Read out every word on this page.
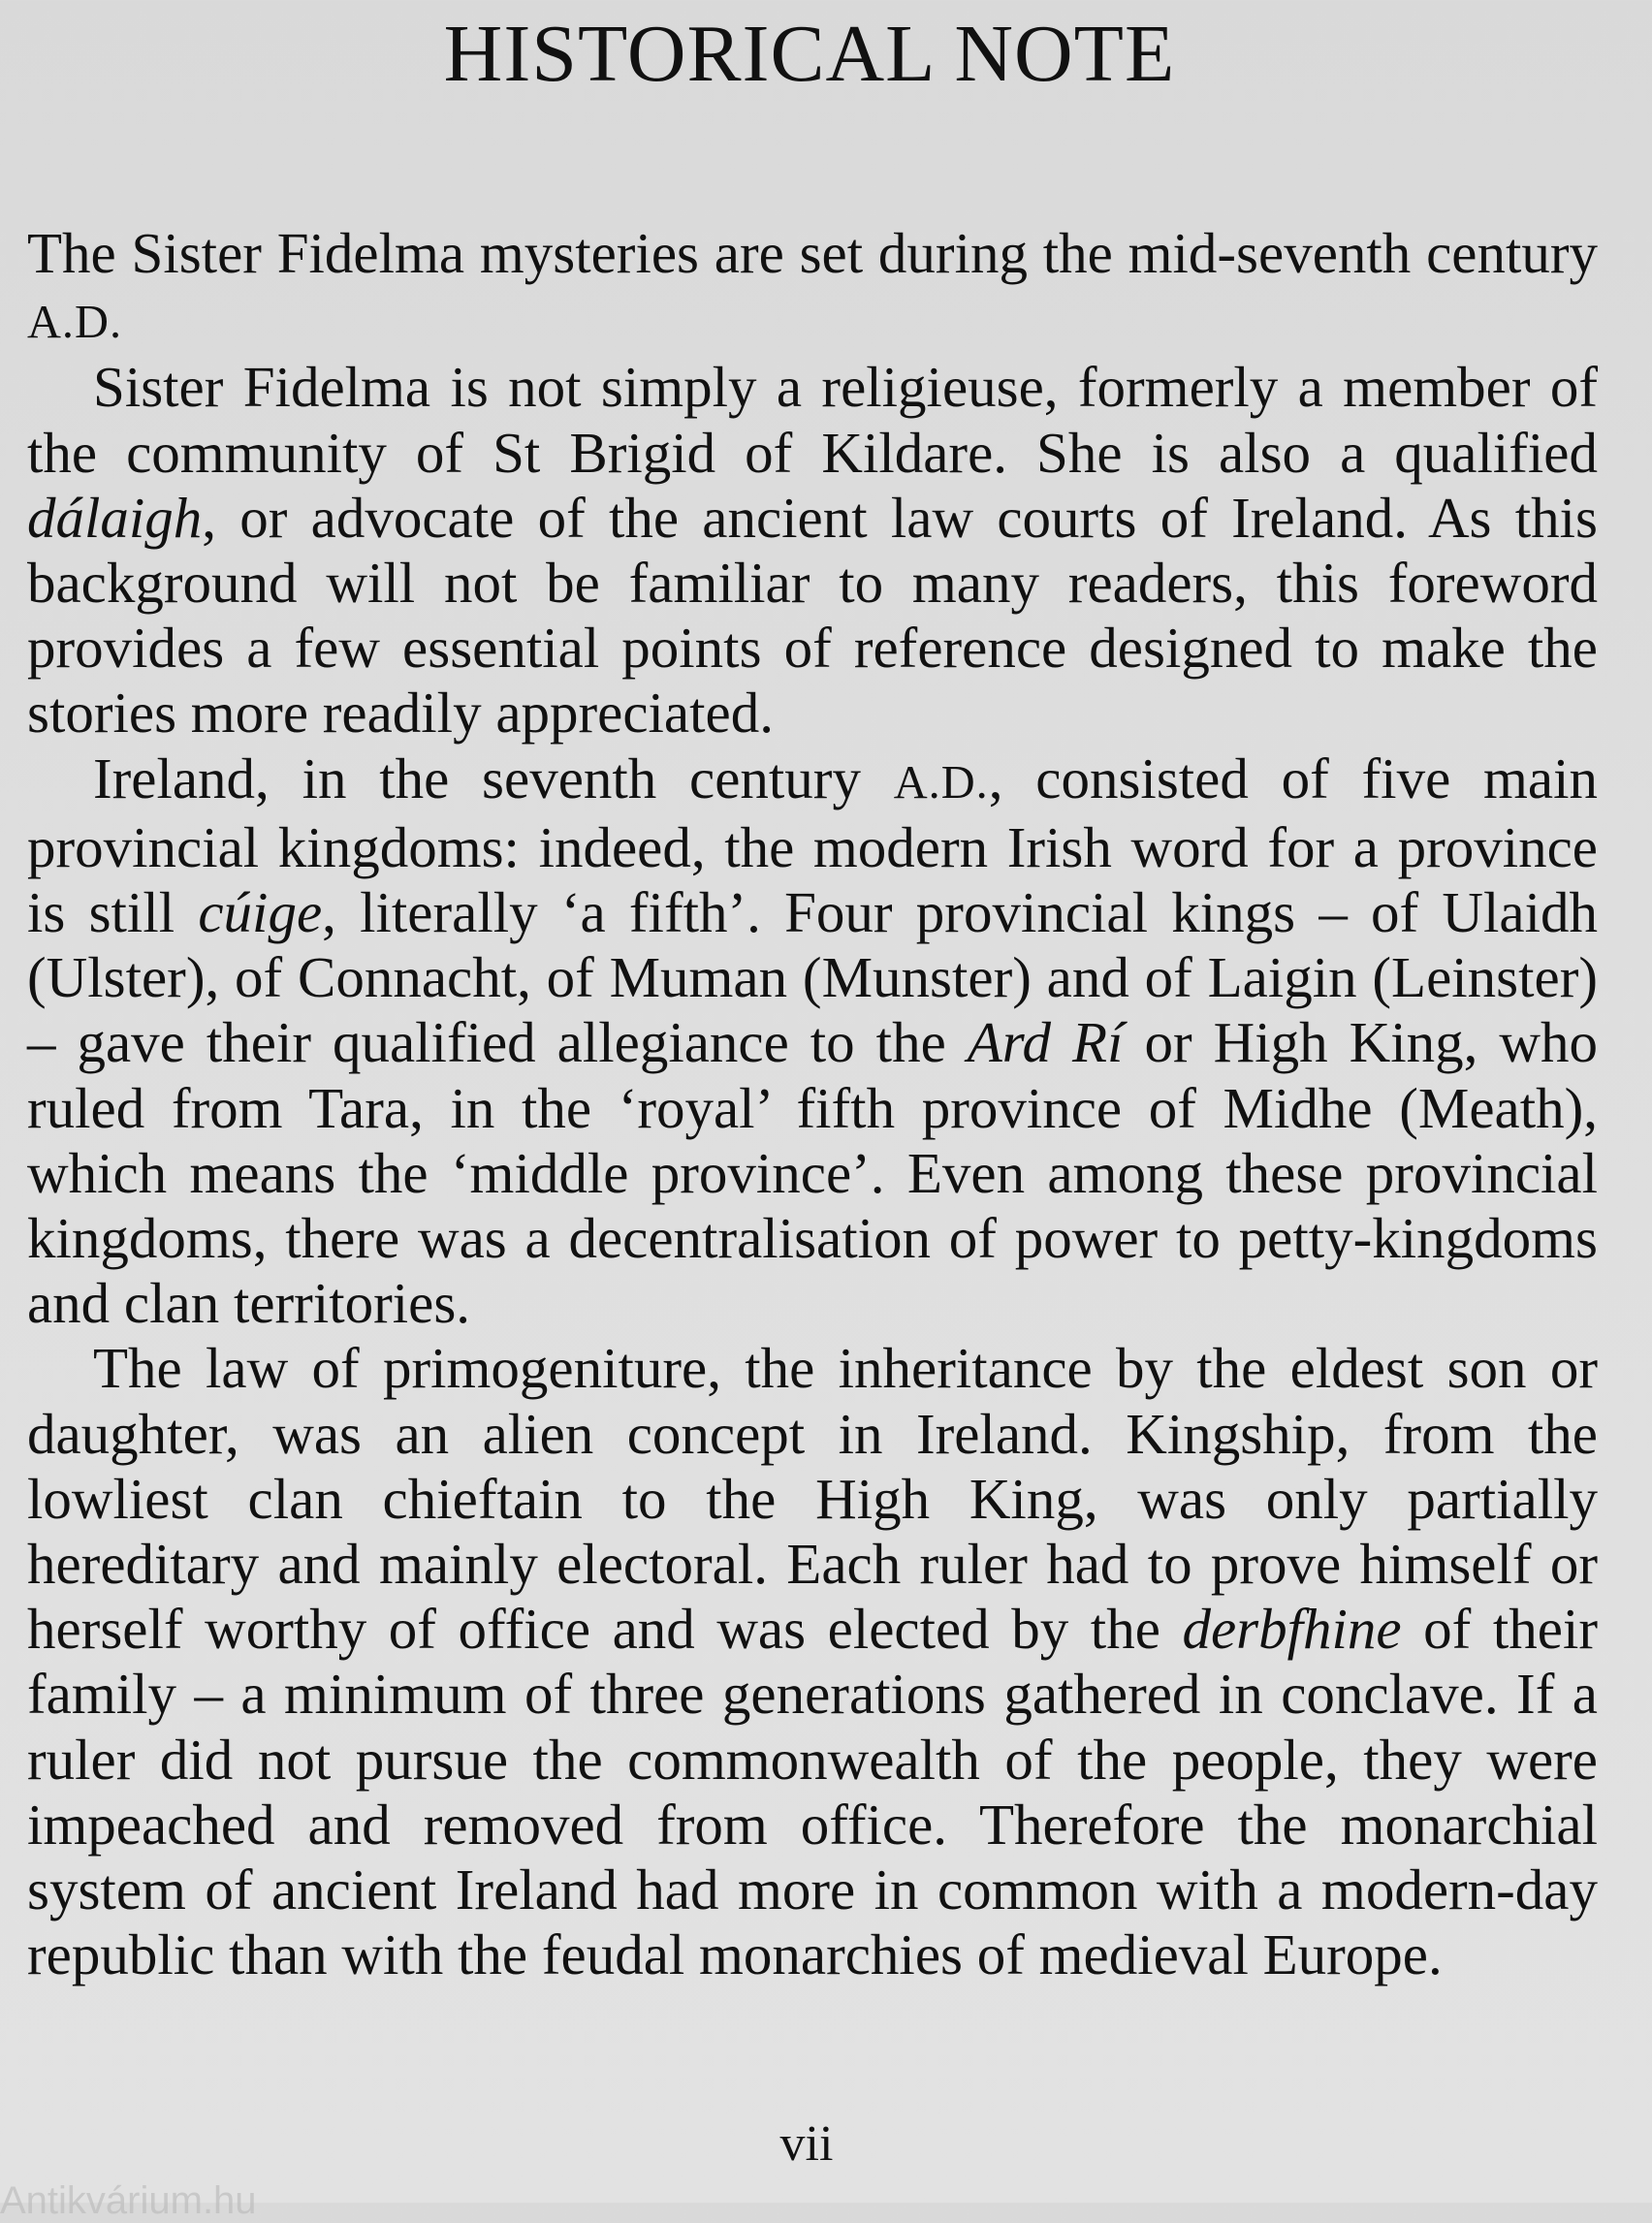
HISTORICAL NOTE

The Sister Fidelma mysteries are set during the mid-seventh century A.D.

Sister Fidelma is not simply a religieuse, formerly a member of the community of St Brigid of Kildare. She is also a qualified dálaigh, or advocate of the ancient law courts of Ireland. As this background will not be familiar to many readers, this foreword provides a few essential points of reference designed to make the stories more readily appreciated.

Ireland, in the seventh century A.D., consisted of five main provincial kingdoms: indeed, the modern Irish word for a province is still cúige, literally ‘a fifth’. Four provincial kings – of Ulaidh (Ulster), of Connacht, of Muman (Munster) and of Laigin (Leinster) – gave their qualified allegiance to the Ard Rí or High King, who ruled from Tara, in the ‘royal’ fifth province of Midhe (Meath), which means the ‘middle province’. Even among these provincial kingdoms, there was a decentralisation of power to petty-kingdoms and clan territories.

The law of primogeniture, the inheritance by the eldest son or daughter, was an alien concept in Ireland. Kingship, from the lowliest clan chieftain to the High King, was only partially hereditary and mainly electoral. Each ruler had to prove himself or herself worthy of office and was elected by the derbfhine of their family – a minimum of three generations gathered in conclave. If a ruler did not pursue the commonwealth of the people, they were impeached and removed from office. Therefore the monarchial system of ancient Ireland had more in common with a modern-day republic than with the feudal monarchies of medieval Europe.

vii
Antikvárium.hu
